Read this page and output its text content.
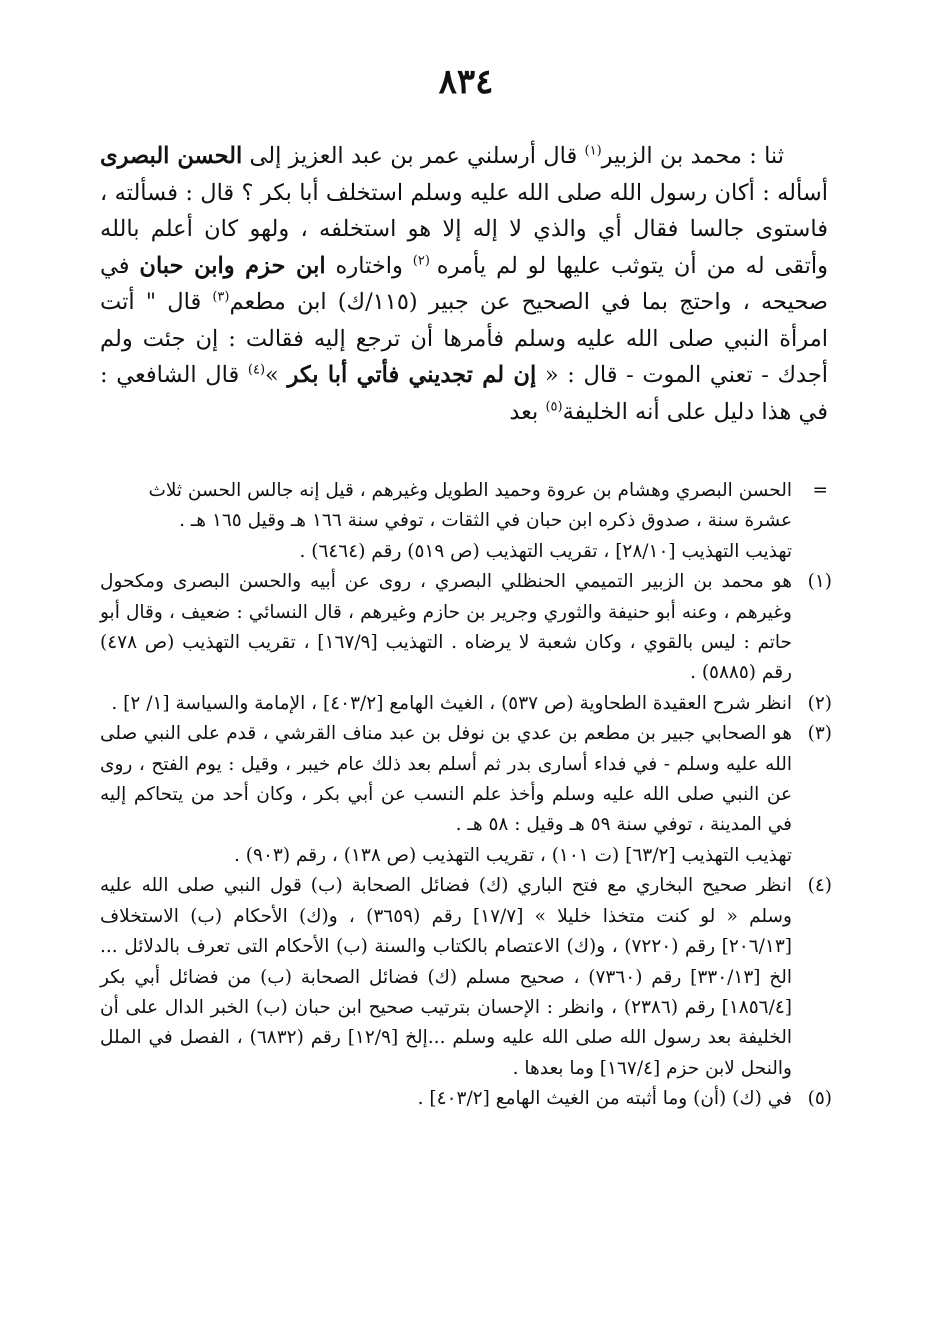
٨٣٤

ثنا : محمد بن الزبير$^{(١)}$ قال أرسلني عمر بن عبد العزيز إلى الحسن البصرى أسأله : أكان رسول الله صلى الله عليه وسلم استخلف أبا بكر ؟ قال : فسألته ، فاستوى جالسا فقال أي والذي لا إله إلا هو استخلفه ، ولهو كان أعلم بالله وأتقى له من أن يتوثب عليها لو لم يأمره $^{(٢)}$ واختاره ابن حزم وابن حبان في صحيحه ، واحتج بما في الصحيح عن جبير (١١٥/ك) ابن مطعم$^{(٣)}$ قال " أتت امرأة النبي صلى الله عليه وسلم فأمرها أن ترجع إليه فقالت : إن جئت ولم أجدك - تعني الموت - قال : « إن لم تجديني فأتي أبا بكر »$^{(٤)}$ قال الشافعي : في هذا دليل على أنه الخليفة$^{(٥)}$ بعد

=

الحسن البصري وهشام بن عروة وحميد الطويل وغيرهم ، قيل إنه جالس الحسن ثلاث عشرة سنة ، صدوق ذكره ابن حبان في الثقات ، توفي سنة ١٦٦ هـ وقيل ١٦٥ هـ .

تهذيب التهذيب [٢٨/١٠] ، تقريب التهذيب (ص ٥١٩) رقم (٦٤٦٤) .

(١)

هو محمد بن الزبير التميمي الحنظلي البصري ، روى عن أبيه والحسن البصرى ومكحول وغيرهم ، وعنه أبو حنيفة والثوري وجرير بن حازم وغيرهم ، قال النسائي : ضعيف ، وقال أبو حاتم : ليس بالقوي ، وكان شعبة لا يرضاه . التهذيب [١٦٧/٩] ، تقريب التهذيب (ص ٤٧٨) رقم (٥٨٨٥) .

(٢)

انظر شرح العقيدة الطحاوية (ص ٥٣٧) ، الغيث الهامع [٤٠٣/٢] ، الإمامة والسياسة [١/ ٢] .

(٣)

هو الصحابي جبير بن مطعم بن عدي بن نوفل بن عبد مناف القرشي ، قدم على النبي صلى الله عليه وسلم - في فداء أسارى بدر ثم أسلم بعد ذلك عام خيبر ، وقيل : يوم الفتح ، روى عن النبي صلى الله عليه وسلم وأخذ علم النسب عن أبي بكر ، وكان أحد من يتحاكم إليه في المدينة ، توفي سنة ٥٩ هـ وقيل : ٥٨ هـ .

تهذيب التهذيب [٦٣/٢] (ت ١٠١) ، تقريب التهذيب (ص ١٣٨) ، رقم (٩٠٣) .

(٤)

انظر صحيح البخاري مع فتح الباري (ك) فضائل الصحابة (ب) قول النبي صلى الله عليه وسلم « لو كنت متخذا خليلا » [١٧/٧] رقم (٣٦٥٩) ، و(ك) الأحكام (ب) الاستخلاف [٢٠٦/١٣] رقم (٧٢٢٠) ، و(ك) الاعتصام بالكتاب والسنة (ب) الأحكام التى تعرف بالدلائل ... الخ [٣٣٠/١٣] رقم (٧٣٦٠) ، صحيح مسلم (ك) فضائل الصحابة (ب) من فضائل أبي بكر [١٨٥٦/٤] رقم (٢٣٨٦) ، وانظر : الإحسان بترتيب صحيح ابن حبان (ب) الخبر الدال على أن الخليفة بعد رسول الله صلى الله عليه وسلم ...إلخ [١٢/٩] رقم (٦٨٣٢) ، الفصل في الملل والنحل لابن حزم [١٦٧/٤] وما بعدها .

(٥)

في (ك) (أن) وما أثبته من الغيث الهامع [٤٠٣/٢] .
